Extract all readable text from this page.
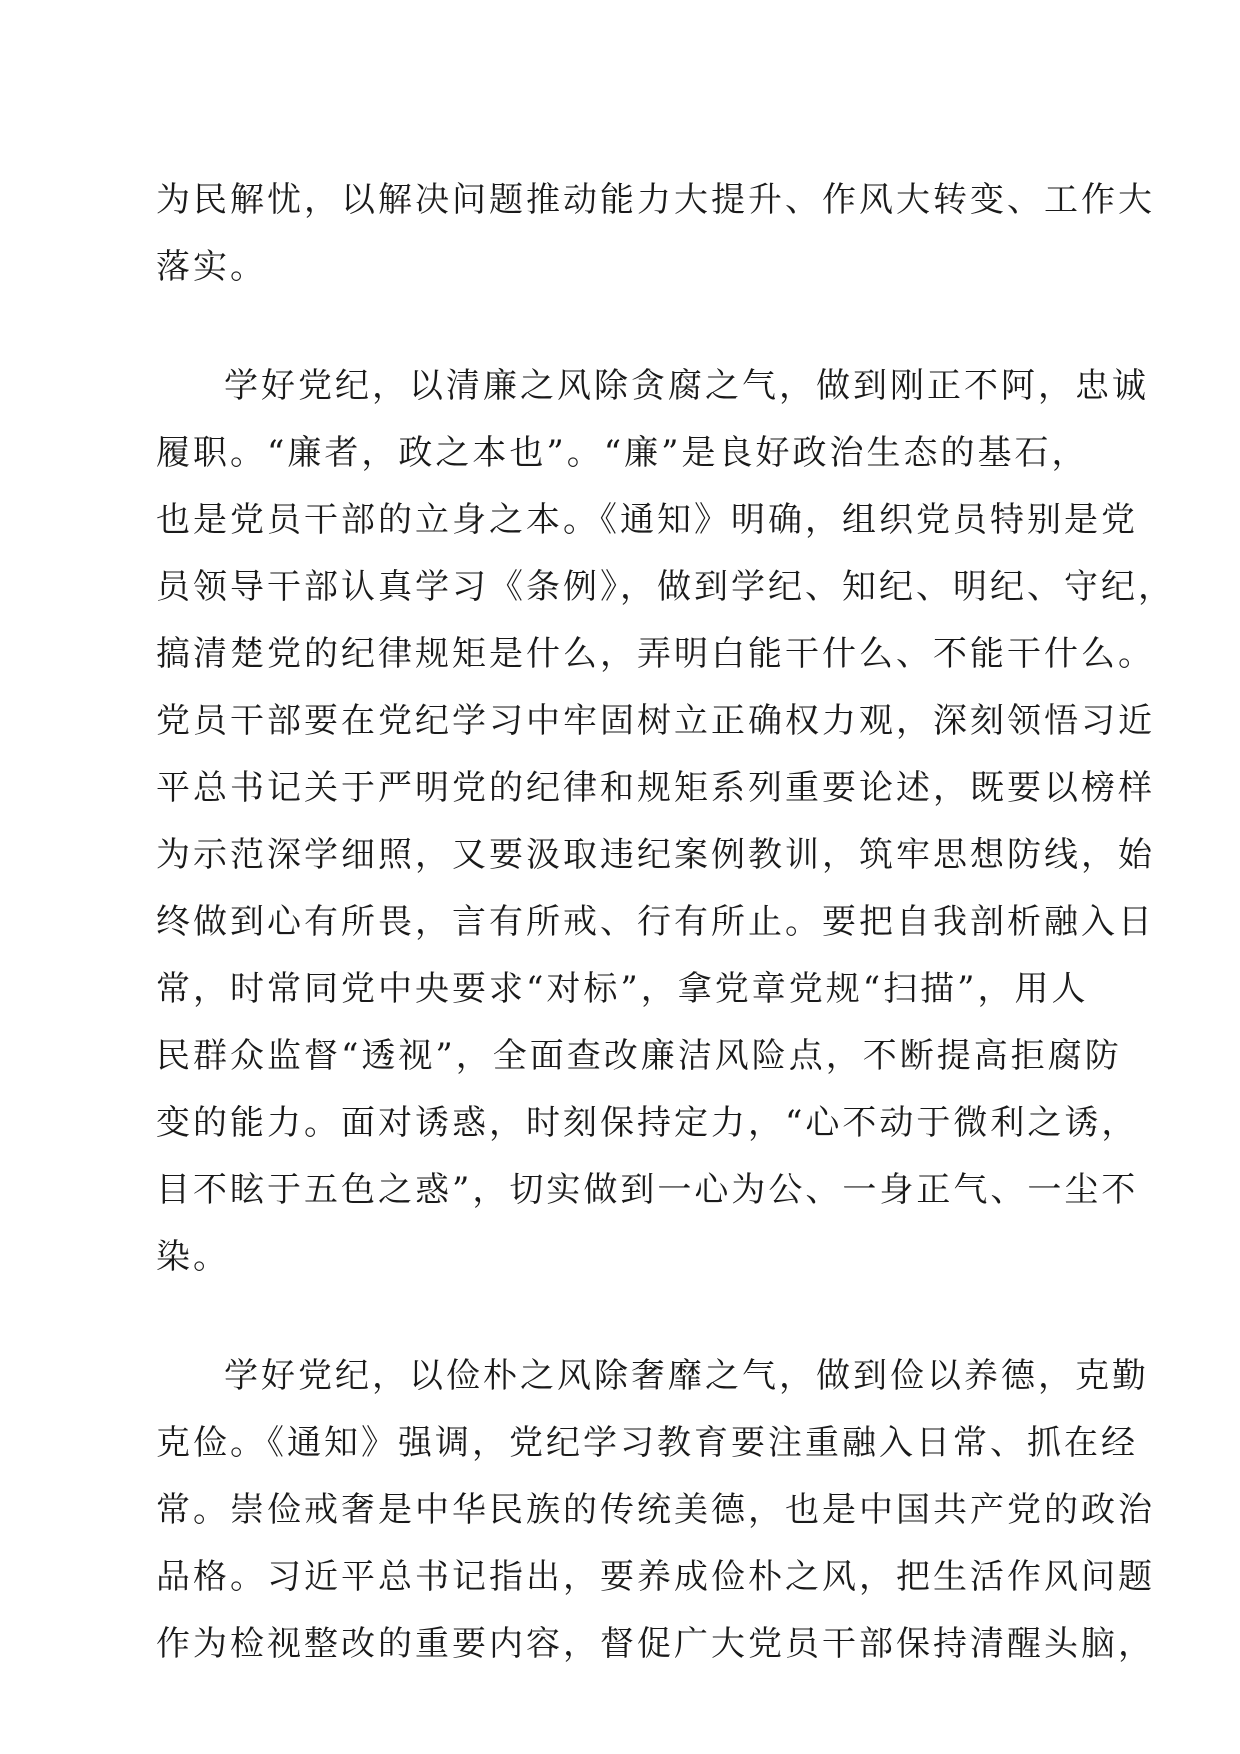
为民解忧，以解决问题推动能力大提升、作风大转变、工作大
落实。
学好党纪，以清廉之风除贪腐之气，做到刚正不阿，忠诚
履职。“廉者，政之本也”。“廉”是良好政治生态的基石，
也是党员干部的立身之本。《通知》明确，组织党员特别是党
员领导干部认真学习《条例》，做到学纪、知纪、明纪、守纪，
搞清楚党的纪律规矩是什么，弄明白能干什么、不能干什么。
党员干部要在党纪学习中牢固树立正确权力观，深刻领悟习近
平总书记关于严明党的纪律和规矩系列重要论述，既要以榜样
为示范深学细照，又要汲取违纪案例教训，筑牢思想防线，始
终做到心有所畏，言有所戒、行有所止。要把自我剖析融入日
常，时常同党中央要求“对标”，拿党章党规“扫描”，用人
民群众监督“透视”，全面查改廉洁风险点，不断提高拒腐防
变的能力。面对诱惑，时刻保持定力，“心不动于微利之诱，
目不眩于五色之惑”，切实做到一心为公、一身正气、一尘不
染。
学好党纪，以俭朴之风除奢靡之气，做到俭以养德，克勤
克俭。《通知》强调，党纪学习教育要注重融入日常、抓在经
常。崇俭戒奢是中华民族的传统美德，也是中国共产党的政治
品格。习近平总书记指出，要养成俭朴之风，把生活作风问题
作为检视整改的重要内容，督促广大党员干部保持清醒头脑，
